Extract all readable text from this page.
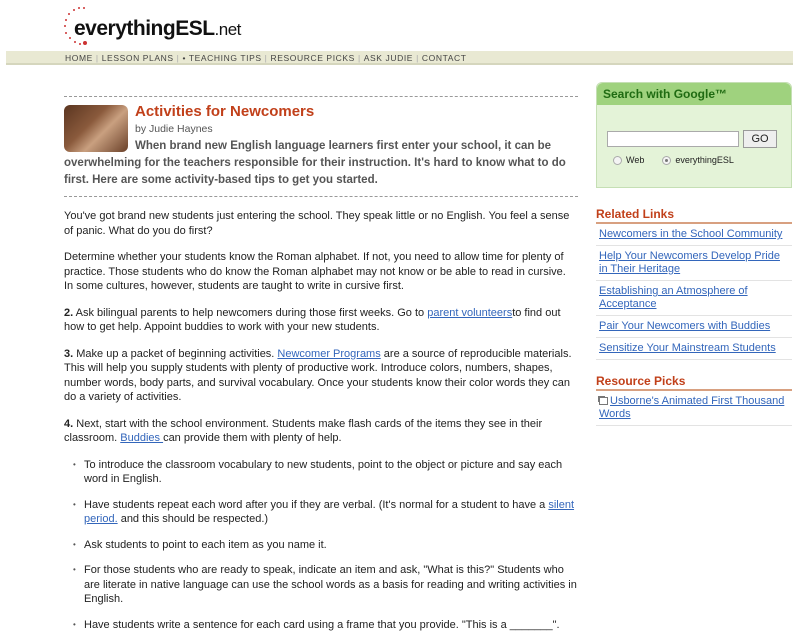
everythingESL.net
HOME | LESSON PLANS | • TEACHING TIPS | RESOURCE PICKS | ASK JUDIE | CONTACT
Activities for Newcomers
by Judie Haynes
When brand new English language learners first enter your school, it can be overwhelming for the teachers responsible for their instruction. It's hard to know what to do first. Here are some activity-based tips to get you started.

You've got brand new students just entering the school. They speak little or no English. You feel a sense of panic. What do you do first?

Determine whether your students know the Roman alphabet. If not, you need to allow time for plenty of practice. Those students who do know the Roman alphabet may not know or be able to read in cursive. In some cultures, however, students are taught to write in cursive first.

2. Ask bilingual parents to help newcomers during those first weeks. Go to parent volunteersto find out how to get help. Appoint buddies to work with your new students.

3. Make up a packet of beginning activities. Newcomer Programs are a source of reproducible materials. This will help you supply students with plenty of productive work. Introduce colors, numbers, shapes, number words, body parts, and survival vocabulary. Once your students know their color words they can do a variety of activities.

4. Next, start with the school environment. Students make flash cards of the items they see in their classroom. Buddies can provide them with plenty of help.

• To introduce the classroom vocabulary to new students, point to the object or picture and say each word in English.
• Have students repeat each word after you if they are verbal. (It's normal for a student to have a silent period. and this should be respected.)
• Ask students to point to each item as you name it.
• For those students who are ready to speak, indicate an item and ask, "What is this?" Students who are literate in native language can use the school words as a basis for reading and writing activities in English.
• Have students write a sentence for each card using a frame that you provide. "This is a _______".
Search with Google™
GO
Web	everythingESL
Related Links
Newcomers in the School Community
Help Your Newcomers Develop Pride in Their Heritage
Establishing an Atmosphere of Acceptance
Pair Your Newcomers with Buddies
Sensitize Your Mainstream Students
Resource Picks
Usborne's Animated First Thousand Words
